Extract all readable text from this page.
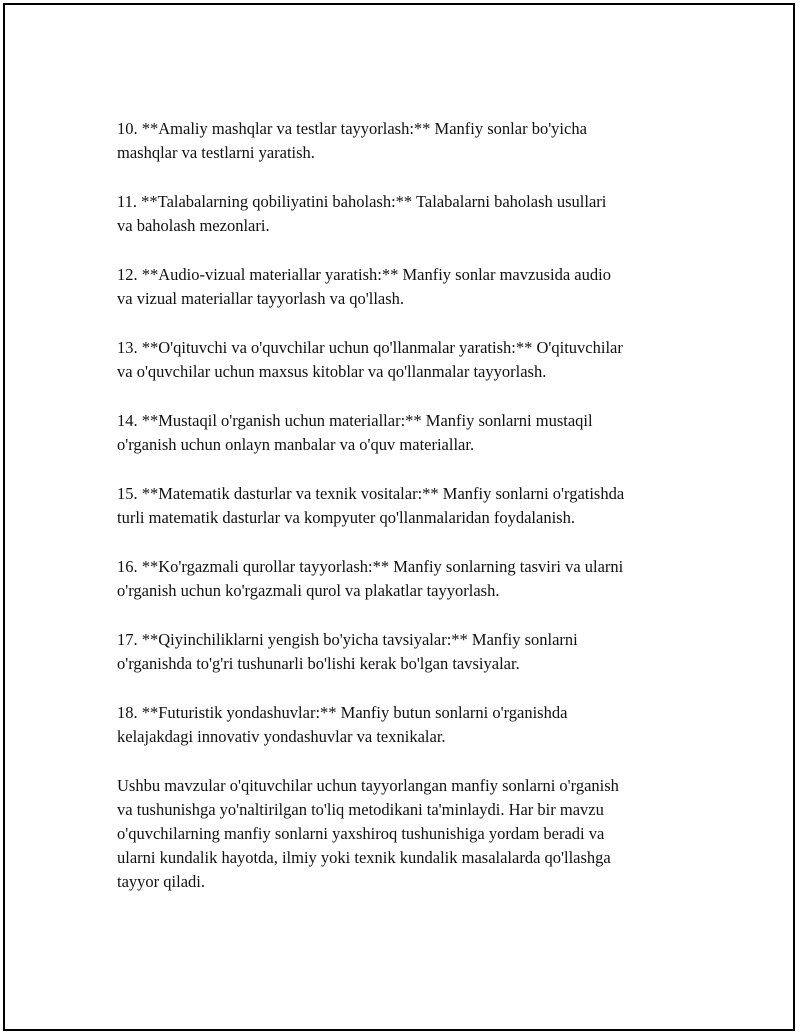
10. **Amaliy mashqlar va testlar tayyorlash:** Manfiy sonlar bo'yicha
mashqlar va testlarni yaratish.

11. **Talabalarning qobiliyatini baholash:** Talabalarni baholash usullari
va baholash mezonlari.

12. **Audio-vizual materiallar yaratish:** Manfiy sonlar mavzusida audio
va vizual materiallar tayyorlash va qo'llash.

13. **O'qituvchi va o'quvchilar uchun qo'llanmalar yaratish:** O'qituvchilar
va o'quvchilar uchun maxsus kitoblar va qo'llanmalar tayyorlash.

14. **Mustaqil o'rganish uchun materiallar:** Manfiy sonlarni mustaqil
o'rganish uchun onlayn manbalar va o'quv materiallar.

15. **Matematik dasturlar va texnik vositalar:** Manfiy sonlarni o'rgatishda
turli matematik dasturlar va kompyuter qo'llanmalaridan foydalanish.

16. **Ko'rgazmali qurollar tayyorlash:** Manfiy sonlarning tasviri va ularni
o'rganish uchun ko'rgazmali qurol va plakatlar tayyorlash.

17. **Qiyinchiliklarni yengish bo'yicha tavsiyalar:** Manfiy sonlarni
o'rganishda to'g'ri tushunarli bo'lishi kerak bo'lgan tavsiyalar.

18. **Futuristik yondashuvlar:** Manfiy butun sonlarni o'rganishda
kelajakdagi innovativ yondashuvlar va texnikalar.

Ushbu mavzular o'qituvchilar uchun tayyorlangan manfiy sonlarni o'rganish
va tushunishga yo'naltirilgan to'liq metodikani ta'minlaydi. Har bir mavzu
o'quvchilarning manfiy sonlarni yaxshiroq tushunishiga yordam beradi va
ularni kundalik hayotda, ilmiy yoki texnik kundalik masalalarda qo'llashga
tayyor qiladi.
